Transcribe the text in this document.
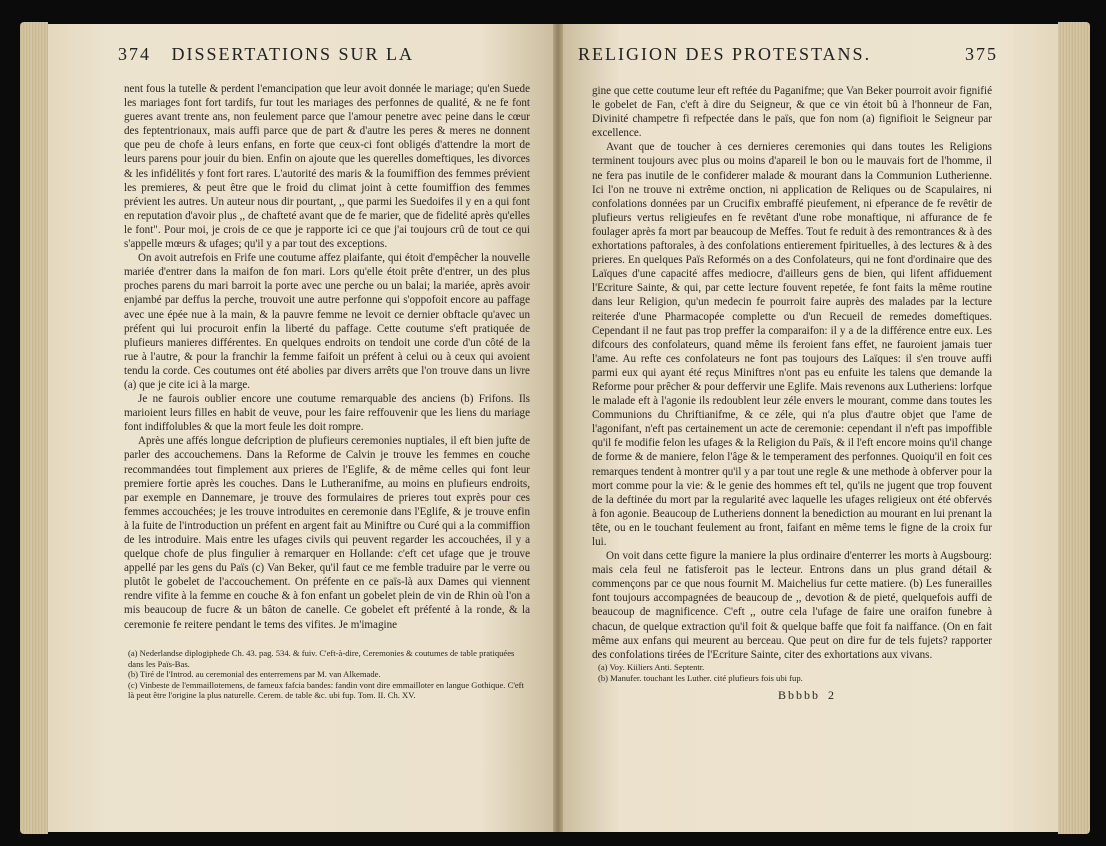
374 DISSERTATIONS SUR LA	RELIGION DES PROTESTANS.	375

nent fous la tutelle & perdent l'emancipation que leur avoit donnée le mariage; qu'en Suede les mariages font fort tardifs, fur tout les mariages des perfonnes de qualité, & ne fe font gueres avant trente ans, non feulement parce que l'amour penetre avec peine dans le cœur des feptentrionaux, mais auffi parce que de part & d'autre les peres & meres ne donnent que peu de chofe à leurs enfans, en forte que ceux-ci font obligés d'attendre la mort de leurs parens pour jouir du bien. Enfin on ajoute que les querelles domeftiques, les divorces & les infidélités y font fort rares. L'autorité des maris & la foumiffion des femmes prévient les premieres, & peut être que le froid du climat joint à cette foumiffion des femmes prévient les autres. Un auteur nous dir pourtant, ,, que parmi les Suedoifes il y en a qui font en reputation d'avoir plus ,, de chafteté avant que de fe marier, que de fidelité après qu'elles le font". Pour moi, je crois de ce que je rapporte ici ce que j'ai toujours crû de tout ce qui s'appelle mœurs & ufages; qu'il y a par tout des exceptions.

On avoit autrefois en Frife une coutume affez plaifante, qui étoit d'empêcher la nouvelle mariée d'entrer dans la maifon de fon mari. Lors qu'elle étoit prête d'entrer, un des plus proches parens du mari barroit la porte avec une perche ou un balai; la mariée, après avoir enjambé par deffus la perche, trouvoit une autre perfonne qui s'oppofoit encore au paffage avec une épée nue à la main, & la pauvre femme ne levoit ce dernier obftacle qu'avec un préfent qui lui procuroit enfin la liberté du paffage. Cette coutume s'eft pratiquée de plufieurs manieres différentes. En quelques endroits on tendoit une corde d'un côté de la rue à l'autre, & pour la franchir la femme faifoit un préfent à celui ou à ceux qui avoient tendu la corde. Ces coutumes ont été abolies par divers arrêts que l'on trouve dans un livre (a) que je cite ici à la marge.

Je ne faurois oublier encore une coutume remarquable des anciens (b) Frifons. Ils marioient leurs filles en habit de veuve, pour les faire reffouvenir que les liens du mariage font indiffolubles & que la mort feule les doit rompre.

Après une affés longue defcription de plufieurs ceremonies nuptiales, il eft bien jufte de parler des accouchemens. Dans la Reforme de Calvin je trouve les femmes en couche recommandées tout fimplement aux prieres de l'Eglife, & de même celles qui font leur premiere fortie après les couches. Dans le Lutheranifme, au moins en plufieurs endroits, par exemple en Dannemare, je trouve des formulaires de prieres tout exprès pour ces femmes accouchées; je les trouve introduites en ceremonie dans l'Eglife, & je trouve enfin à la fuite de l'introduction un préfent en argent fait au Miniftre ou Curé qui a la commiffion de les introduire. Mais entre les ufages civils qui peuvent regarder les accouchées, il y a quelque chofe de plus fingulier à remarquer en Hollande: c'eft cet ufage que je trouve appellé par les gens du Païs (c) Van Beker, qu'il faut ce me femble traduire par le verre ou plutôt le gobelet de l'accouchement. On préfente en ce païs-là aux Dames qui viennent rendre vifite à la femme en couche & à fon enfant un gobelet plein de vin de Rhin où l'on a mis beaucoup de fucre & un bâton de canelle. Ce gobelet eft préfenté à la ronde, & la ceremonie fe reitere pendant le tems des vifites. Je m'imagine

(a) Nederlandse diplogiphede Ch. 43. pag. 534. & fuiv. C'eft-à-dire, Ceremonies & coutumes de table pratiquées dans les Païs-Bas.
(b) Tiré de l'Introd. au ceremonial des enterremens par M. van Alkemade.
(c) Vinbeste de l'emmaillotemens, de fameux fafcia bandes: fandin vont dire emmailloter en langue Gothique. C'eft là peut être l'origine la plus naturelle. Cerem. de table &c. ubi fup. Tom. II. Ch. XV.

gine que cette coutume leur eft reftée du Paganifme; que Van Beker pourroit avoir fignifié le gobelet de Fan, c'eft à dire du Seigneur, & que ce vin étoit bû à l'honneur de Fan, Divinité champetre fi refpectée dans le païs, que fon nom (a) fignifioit le Seigneur par excellence.

Avant que de toucher à ces dernieres ceremonies qui dans toutes les Religions terminent toujours avec plus ou moins d'apareil le bon ou le mauvais fort de l'homme, il ne fera pas inutile de le confiderer malade & mourant dans la Communion Lutherienne. Ici l'on ne trouve ni extrême onction, ni application de Reliques ou de Scapulaires, ni confolations données par un Crucifix embraffé pieufement, ni efperance de fe revêtir de plufieurs vertus religieufes en fe revêtant d'une robe monaftique, ni affurance de fe foulager après fa mort par beaucoup de Meffes. Tout fe reduit à des remontrances & à des exhortations paftorales, à des confolations entierement fpirituelles, à des lectures & à des prieres. En quelques Païs Reformés on a des Confolateurs, qui ne font d'ordinaire que des Laïques d'une capacité affes mediocre, d'ailleurs gens de bien, qui lifent affiduement l'Ecriture Sainte, & qui, par cette lecture fouvent repetée, fe font faits la même routine dans leur Religion, qu'un medecin fe pourroit faire auprès des malades par la lecture reiterée d'une Pharmacopée complette ou d'un Recueil de remedes domeftiques. Cependant il ne faut pas trop preffer la comparaifon: il y a de la différence entre eux. Les difcours des confolateurs, quand même ils feroient fans effet, ne fauroient jamais tuer l'ame. Au refte ces confolateurs ne font pas toujours des Laïques: il s'en trouve auffi parmi eux qui ayant été reçus Miniftres n'ont pas eu enfuite les talens que demande la Reforme pour prêcher & pour deffervir une Eglife. Mais revenons aux Lutheriens: lorfque le malade eft à l'agonie ils redoublent leur zéle envers le mourant, comme dans toutes les Communions du Chriftianifme, & ce zéle, qui n'a plus d'autre objet que l'ame de l'agonifant, n'eft pas certainement un acte de ceremonie: cependant il n'eft pas impoffible qu'il fe modifie felon les ufages & la Religion du Païs, & il l'eft encore moins qu'il change de forme & de maniere, felon l'âge & le temperament des perfonnes. Quoiqu'il en foit ces remarques tendent à montrer qu'il y a par tout une regle & une methode à obferver pour la mort comme pour la vie: & le genie des hommes eft tel, qu'ils ne jugent que trop fouvent de la deftinée du mort par la regularité avec laquelle les ufages religieux ont été obfervés à fon agonie. Beaucoup de Lutheriens donnent la benediction au mourant en lui prenant la tête, ou en le touchant feulement au front, faifant en même tems le figne de la croix fur lui.

On voit dans cette figure la maniere la plus ordinaire d'enterrer les morts à Augsbourg: mais cela feul ne fatisferoit pas le lecteur. Entrons dans un plus grand détail & commençons par ce que nous fournit M. Maichelius fur cette matiere. (b) Les funerailles font toujours accompagnées de beaucoup de ,, devotion & de pieté, quelquefois auffi de beaucoup de magnificence. C'eft ,, outre cela l'ufage de faire une oraifon funebre à chacun, de quelque extraction qu'il foit & quelque baffe que foit fa naiffance. (On en fait même aux enfans qui meurent au berceau. Que peut on dire fur de tels fujets? rapporter des confolations tirées de l'Ecriture Sainte, citer des exhortations aux vivans.

(a) Voy. Kiiliers Anti. Septentr.
(b) Manufer. touchant les Luther. cité plufieurs fois ubi fup.
Bbbbb 2
